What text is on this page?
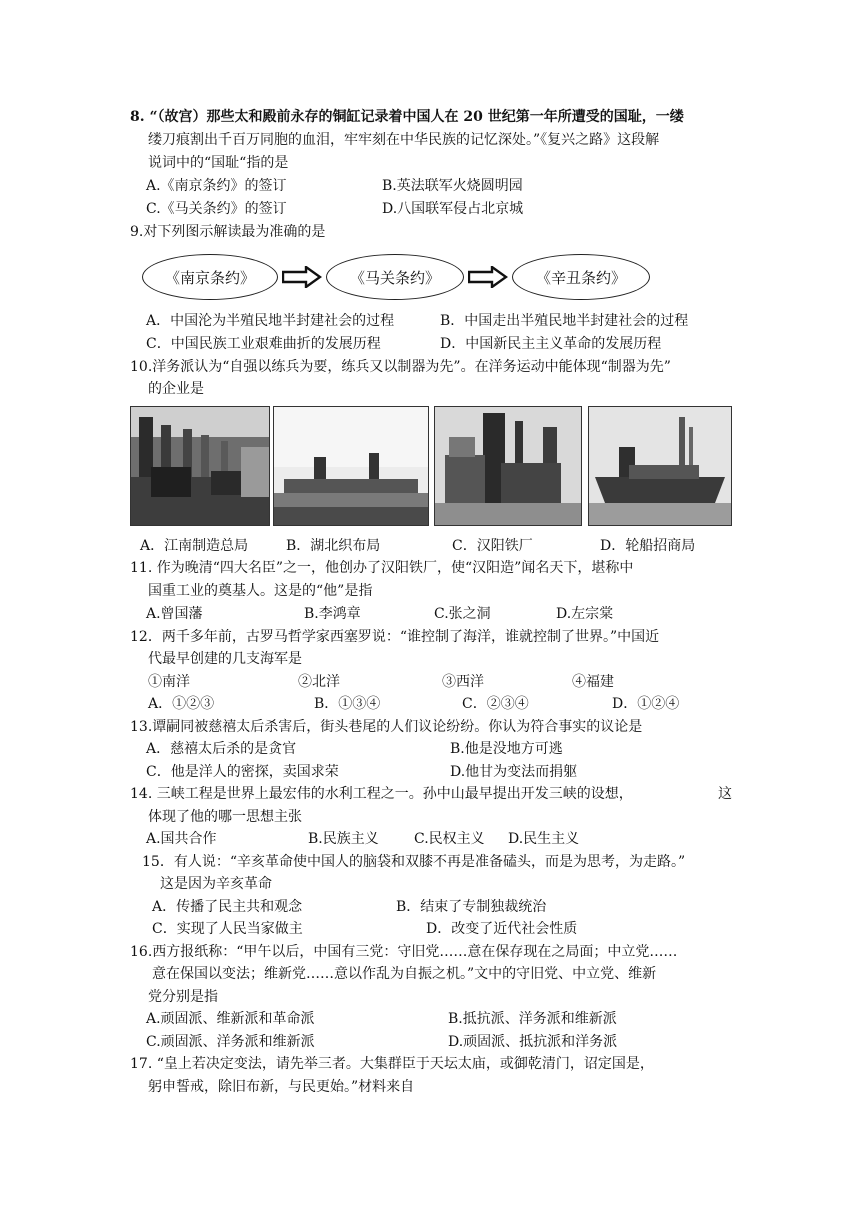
8. “（故宫）那些太和殿前永存的铜缸记录着中国人在 20 世纪第一年所遭受的国耻，一缕
缕刀痕割出千百万同胞的血泪，牢牢刻在中华民族的记忆深处。”《复兴之路》这段解
说词中的“国耻“指的是
A.《南京条约》的签订	B.英法联军火烧圆明园
C.《马关条约》的签订	D.八国联军侵占北京城
9.对下列图示解读最为准确的是
《南京条约》	《马关条约》	《辛丑条约》
A．中国沦为半殖民地半封建社会的过程	B．中国走出半殖民地半封建社会的过程
C．中国民族工业艰难曲折的发展历程	D．中国新民主主义革命的发展历程
10.洋务派认为“自强以练兵为要，练兵又以制器为先”。在洋务运动中能体现“制器为先”
的企业是
A．江南制造总局	B．湖北织布局	C．汉阳铁厂	D．轮船招商局
11. 作为晚清“四大名臣”之一，他创办了汉阳铁厂，使“汉阳造”闻名天下，堪称中
国重工业的奠基人。这是的“他”是指
A.曾国藩	B.李鸿章	C.张之洞	D.左宗棠
12．两千多年前，古罗马哲学家西塞罗说：“谁控制了海洋，谁就控制了世界。”中国近
代最早创建的几支海军是
①南洋	②北洋	③西洋	④福建
A．①②③	B．①③④	C．②③④	D．①②④
13.谭嗣同被慈禧太后杀害后，街头巷尾的人们议论纷纷。你认为符合事实的议论是
A．慈禧太后杀的是贪官	B.他是没地方可逃
C．他是洋人的密探，卖国求荣	D.他甘为变法而捐躯
14. 三峡工程是世界上最宏伟的水利工程之一。孙中山最早提出开发三峡的设想，	这
体现了他的哪一思想主张
A.国共合作	B.民族主义	C.民权主义 D.民生主义
15．有人说：“辛亥革命使中国人的脑袋和双膝不再是准备磕头，而是为思考，为走路。”
这是因为辛亥革命
A．传播了民主共和观念	B．结束了专制独裁统治
C．实现了人民当家做主	D．改变了近代社会性质
16.西方报纸称：“甲午以后，中国有三党：守旧党……意在保存现在之局面；中立党……
意在保国以变法；维新党……意以作乱为自振之机。”文中的守旧党、中立党、维新
党分别是指
A.顽固派、维新派和革命派	B.抵抗派、洋务派和维新派
C.顽固派、洋务派和维新派	D.顽固派、抵抗派和洋务派
17. “皇上若决定变法，请先举三者。大集群臣于天坛太庙，或御乾清门，诏定国是，
躬申誓戒，除旧布新，与民更始。”材料来自
